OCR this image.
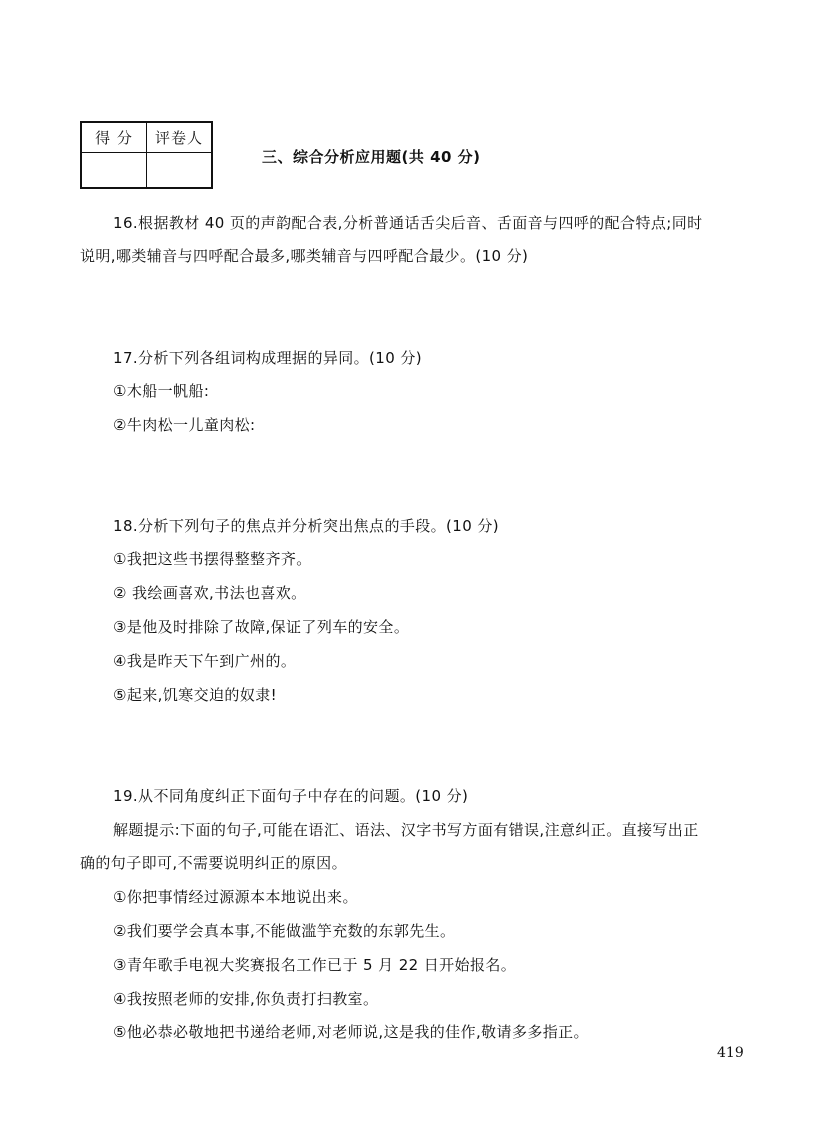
得 分	评卷人

三、综合分析应用题(共 40 分)
16.根据教材 40 页的声韵配合表,分析普通话舌尖后音、舌面音与四呼的配合特点;同时
说明,哪类辅音与四呼配合最多,哪类辅音与四呼配合最少。(10 分)
17.分析下列各组词构成理据的异同。(10 分)
①木船一帆船:
②牛肉松一儿童肉松:
18.分析下列句子的焦点并分析突出焦点的手段。(10 分)
①我把这些书摆得整整齐齐。
② 我绘画喜欢,书法也喜欢。
③是他及时排除了故障,保证了列车的安全。
④我是昨天下午到广州的。
⑤起来,饥寒交迫的奴隶!
19.从不同角度纠正下面句子中存在的问题。(10 分)
解题提示:下面的句子,可能在语汇、语法、汉字书写方面有错误,注意纠正。直接写出正
确的句子即可,不需要说明纠正的原因。
①你把事情经过源源本本地说出来。
②我们要学会真本事,不能做滥竽充数的东郭先生。
③青年歌手电视大奖赛报名工作已于 5 月 22 日开始报名。
④我按照老师的安排,你负责打扫教室。
⑤他必恭必敬地把书递给老师,对老师说,这是我的佳作,敬请多多指正。
419
